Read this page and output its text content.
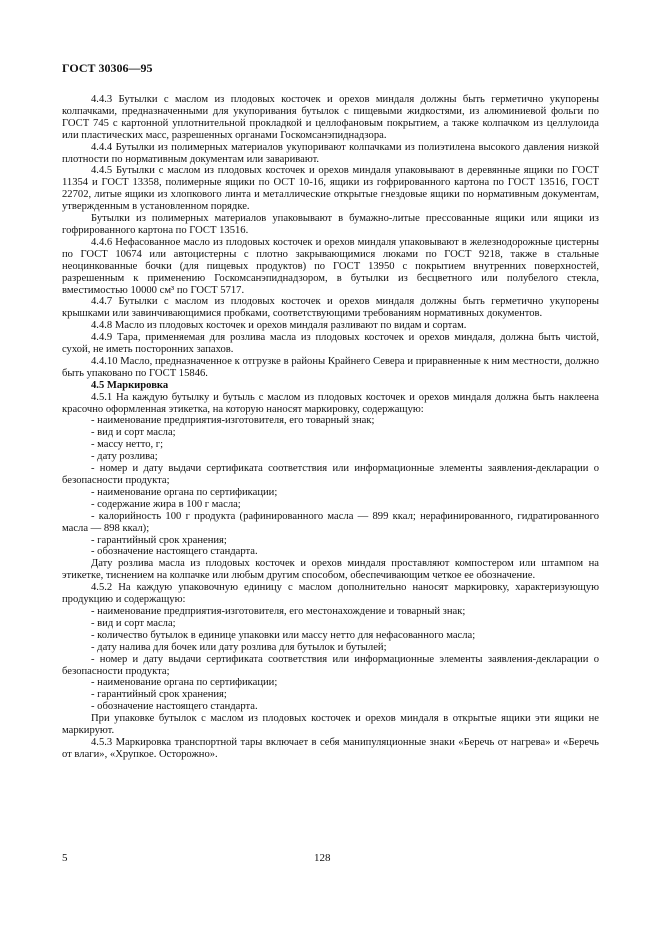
ГОСТ 30306—95

4.4.3 Бутылки с маслом из плодовых косточек и орехов миндаля должны быть герметично укупорены колпачками, предназначенными для укупоривания бутылок с пищевыми жидкостями, из алюминиевой фольги по ГОСТ 745 с картонной уплотнительной прокладкой и целлофановым покрытием, а также колпачком из целлулоида или пластических масс, разрешенных органами Госкомсанэпиднадзора.

4.4.4 Бутылки из полимерных материалов укупоривают колпачками из полиэтилена высокого давления низкой плотности по нормативным документам или заваривают.

4.4.5 Бутылки с маслом из плодовых косточек и орехов миндаля упаковывают в деревянные ящики по ГОСТ 11354 и ГОСТ 13358, полимерные ящики по ОСТ 10-16, ящики из гофрированного картона по ГОСТ 13516, ГОСТ 22702, литые ящики из хлопкового линта и металлические открытые гнездовые ящики по нормативным документам, утвержденным в установленном порядке.

Бутылки из полимерных материалов упаковывают в бумажно-литые прессованные ящики или ящики из гофрированного картона по ГОСТ 13516.

4.4.6 Нефасованное масло из плодовых косточек и орехов миндаля упаковывают в железнодорожные цистерны по ГОСТ 10674 или автоцистерны с плотно закрывающимися люками по ГОСТ 9218, также в стальные неоцинкованные бочки (для пищевых продуктов) по ГОСТ 13950 с покрытием внутренних поверхностей, разрешенным к применению Госкомсанэпиднадзором, в бутылки из бесцветного или полубелого стекла, вместимостью 10000 см³ по ГОСТ 5717.

4.4.7 Бутылки с маслом из плодовых косточек и орехов миндаля должны быть герметично укупорены крышками или завинчивающимися пробками, соответствующими требованиям нормативных документов.

4.4.8 Масло из плодовых косточек и орехов миндаля разливают по видам и сортам.

4.4.9 Тара, применяемая для розлива масла из плодовых косточек и орехов миндаля, должна быть чистой, сухой, не иметь посторонних запахов.

4.4.10 Масло, предназначенное к отгрузке в районы Крайнего Севера и приравненные к ним местности, должно быть упаковано по ГОСТ 15846.

4.5 Маркировка

4.5.1 На каждую бутылку и бутыль с маслом из плодовых косточек и орехов миндаля должна быть наклеена красочно оформленная этикетка, на которую наносят маркировку, содержащую:

- наименование предприятия-изготовителя, его товарный знак;

- вид и сорт масла;

- массу нетто, г;

- дату розлива;

- номер и дату выдачи сертификата соответствия или информационные элементы заявления-декларации о безопасности продукта;

- наименование органа по сертификации;

- содержание жира в 100 г масла;

- калорийность 100 г продукта (рафинированного масла — 899 ккал; нерафинированного, гидратированного масла — 898 ккал);

- гарантийный срок хранения;

- обозначение настоящего стандарта.

Дату розлива масла из плодовых косточек и орехов миндаля проставляют компостером или штампом на этикетке, тиснением на колпачке или любым другим способом, обеспечивающим четкое ее обозначение.

4.5.2 На каждую упаковочную единицу с маслом дополнительно наносят маркировку, характеризующую продукцию и содержащую:

- наименование предприятия-изготовителя, его местонахождение и товарный знак;

- вид и сорт масла;

- количество бутылок в единице упаковки или массу нетто для нефасованного масла;

- дату налива для бочек или дату розлива для бутылок и бутылей;

- номер и дату выдачи сертификата соответствия или информационные элементы заявления-декларации о безопасности продукта;

- наименование органа по сертификации;

- гарантийный срок хранения;

- обозначение настоящего стандарта.

При упаковке бутылок с маслом из плодовых косточек и орехов миндаля в открытые ящики эти ящики не маркируют.

4.5.3 Маркировка транспортной тары включает в себя манипуляционные знаки «Беречь от нагрева» и «Беречь от влаги», «Хрупкое. Осторожно».

5	128
